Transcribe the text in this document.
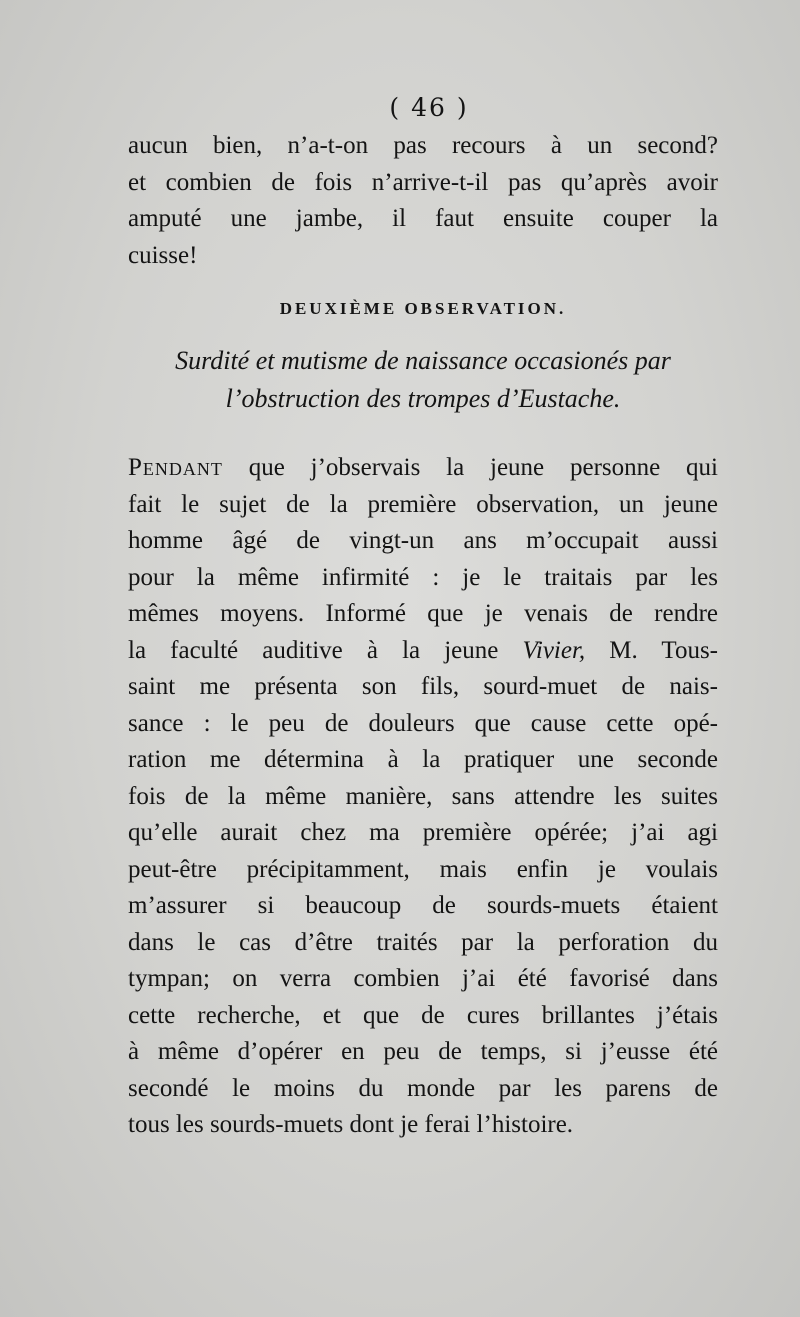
( 46 )

aucun bien, n’a-t-on pas recours à un second?
et combien de fois n’arrive-t-il pas qu’après avoir
amputé une jambe, il faut ensuite couper la
cuisse!

DEUXIÈME OBSERVATION.
Surdité et mutisme de naissance occasionés par
l’obstruction des trompes d’Eustache.

Pendant que j’observais la jeune personne qui
fait le sujet de la première observation, un jeune
homme âgé de vingt-un ans m’occupait aussi
pour la même infirmité : je le traitais par les
mêmes moyens. Informé que je venais de rendre
la faculté auditive à la jeune Vivier, M. Tous-
saint me présenta son fils, sourd-muet de nais-
sance : le peu de douleurs que cause cette opé-
ration me détermina à la pratiquer une seconde
fois de la même manière, sans attendre les suites
qu’elle aurait chez ma première opérée; j’ai agi
peut-être précipitamment, mais enfin je voulais
m’assurer si beaucoup de sourds-muets étaient
dans le cas d’être traités par la perforation du
tympan; on verra combien j’ai été favorisé dans
cette recherche, et que de cures brillantes j’étais
à même d’opérer en peu de temps, si j’eusse été
secondé le moins du monde par les parens de
tous les sourds-muets dont je ferai l’histoire.
